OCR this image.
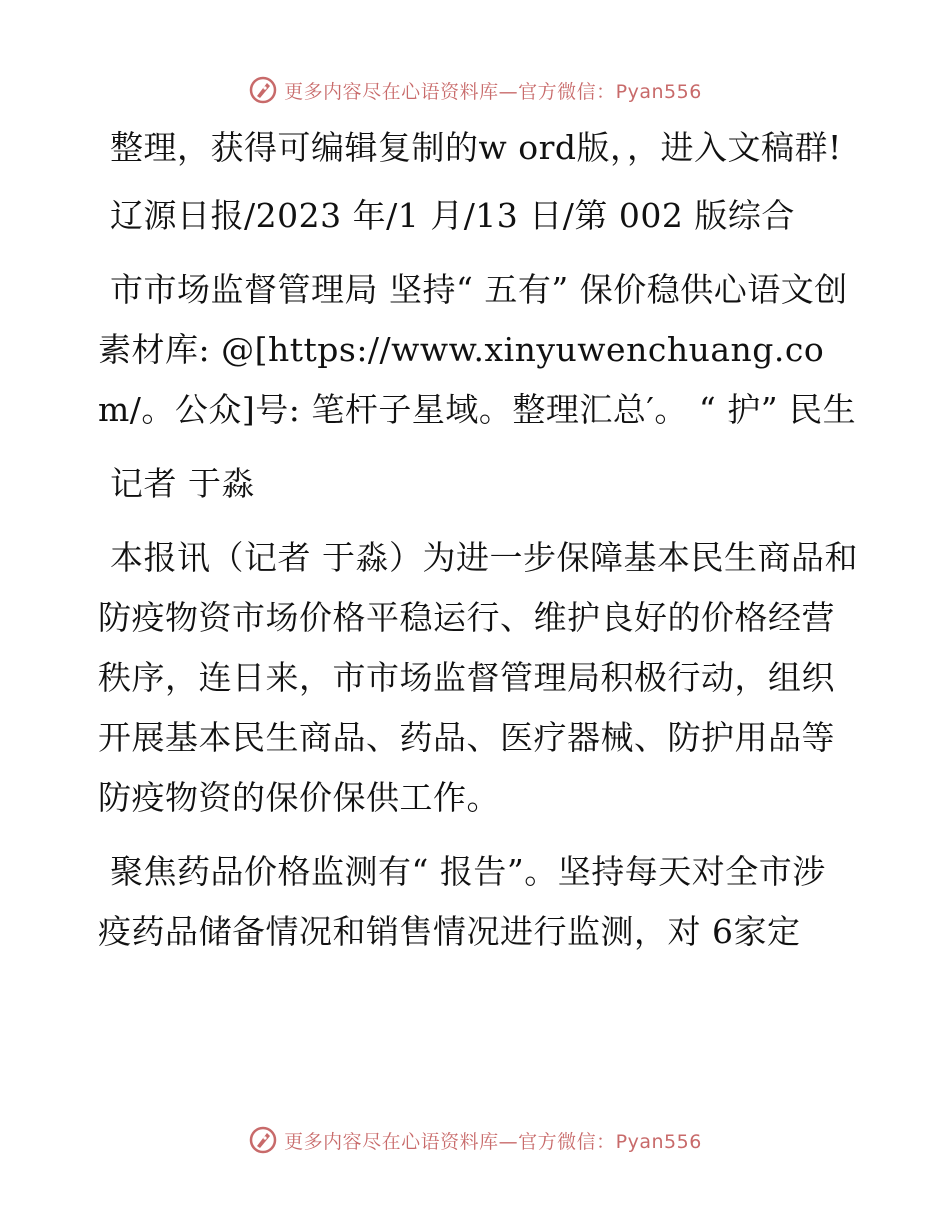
更多内容尽在心语资料库—官方微信：Pyan556

整理，获得可编辑复制的w ord版，，进入文稿群!

辽源日报/2023 年/1 月/13 日/第 002 版综合

市市场监督管理局 坚持“ 五有” 保价稳供心语文创素材库: @[https://www.xinyuwenchuang.com/。公众]号: 笔杆子星域。整理汇总′。 “ 护” 民生

记者 于淼

本报讯（记者 于淼）为进一步保障基本民生商品和防疫物资市场价格平稳运行、维护良好的价格经营秩序，连日来，市市场监督管理局积极行动，组织开展基本民生商品、药品、医疗器械、防护用品等防疫物资的保价保供工作。

聚焦药品价格监测有“ 报告”。坚持每天对全市涉疫药品储备情况和销售情况进行监测，对 6家定

更多内容尽在心语资料库—官方微信：Pyan556
